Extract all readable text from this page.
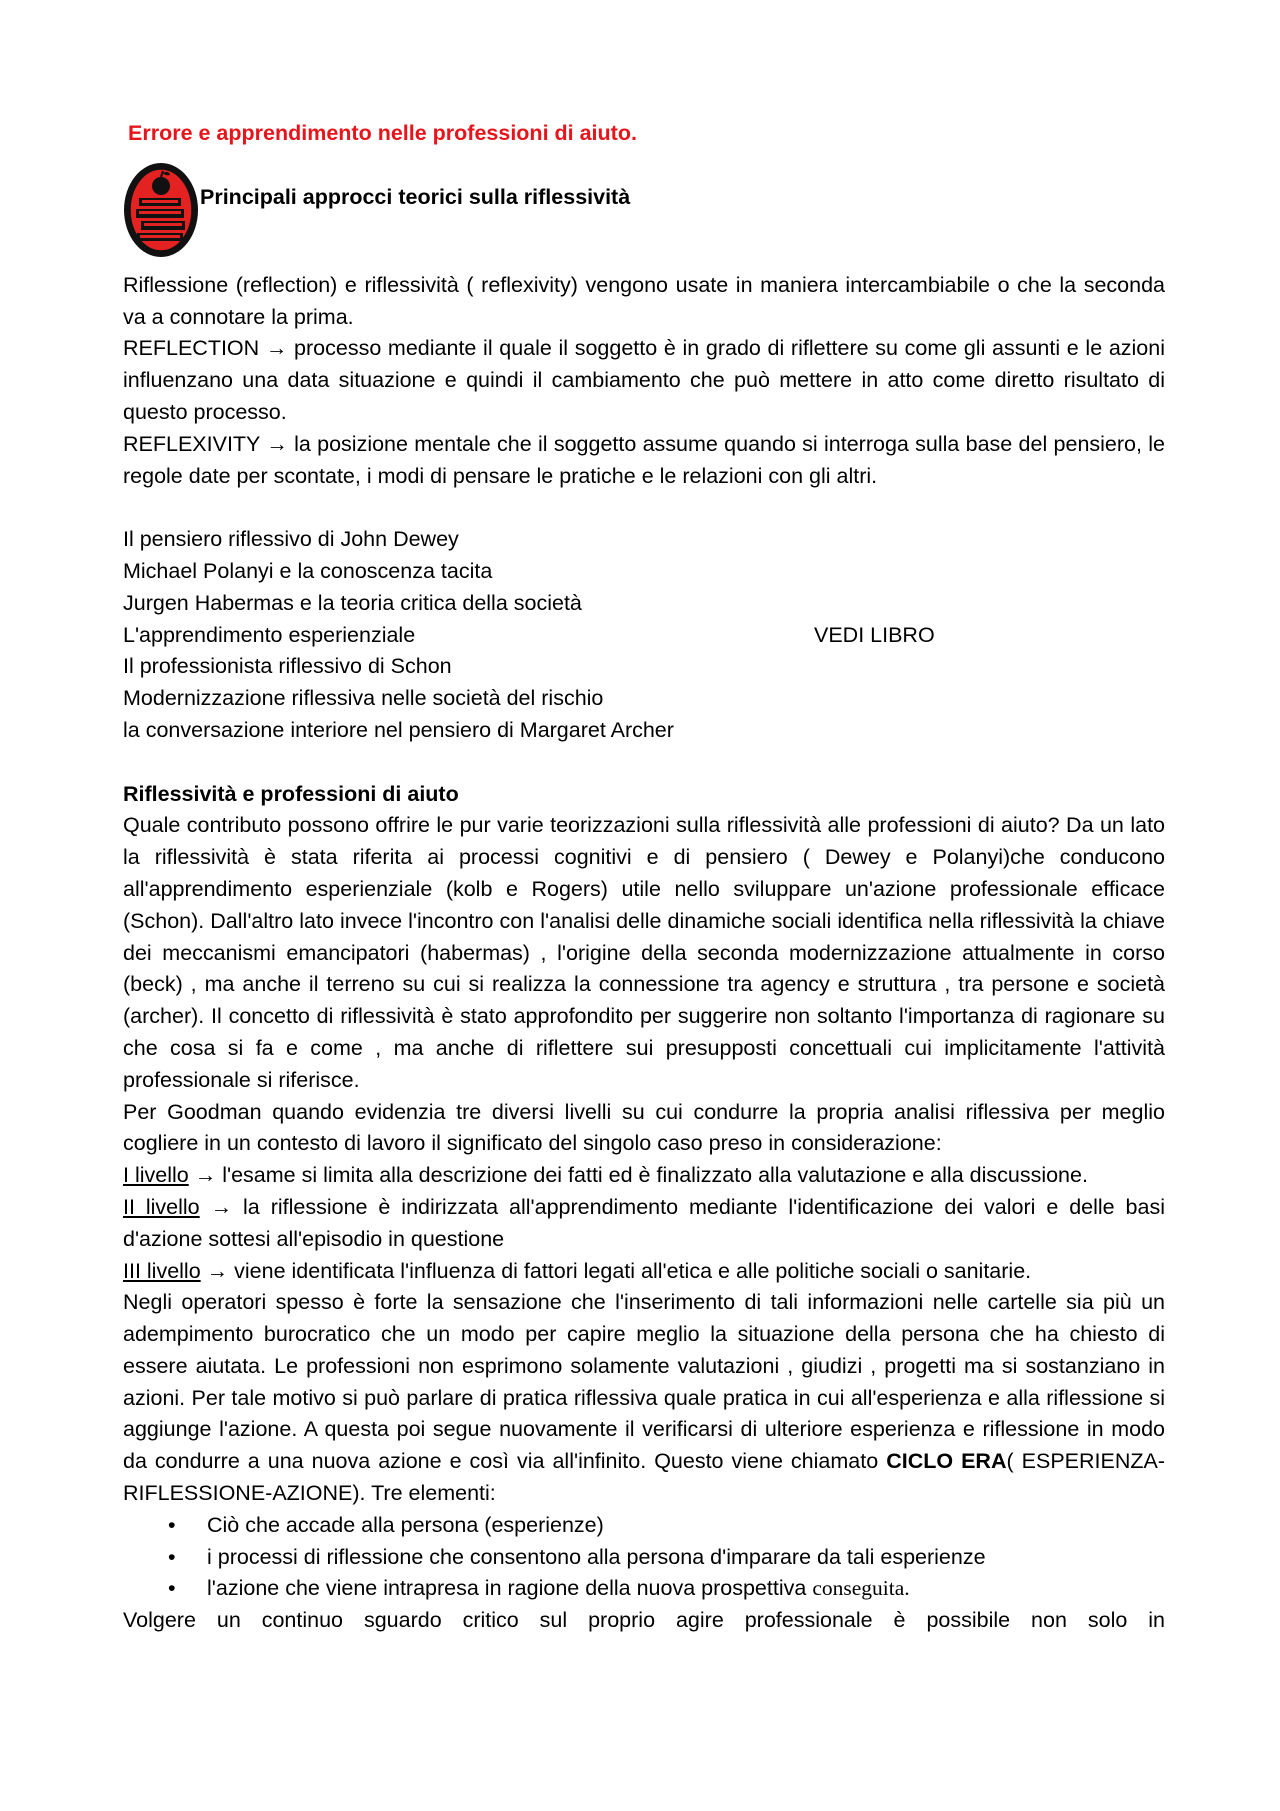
Errore e apprendimento nelle professioni di aiuto.
Principali approcci teorici sulla riflessività

Riflessione (reflection) e riflessività ( reflexivity) vengono usate in maniera intercambiabile o che la seconda va a connotare la prima.

REFLECTION → processo mediante il quale il soggetto è in grado di riflettere su come gli assunti e le azioni influenzano una data situazione e quindi il cambiamento che può mettere in atto come diretto risultato di questo processo.

REFLEXIVITY → la posizione mentale che il soggetto assume quando si interroga sulla base del pensiero, le regole date per scontate, i modi di pensare le pratiche e le relazioni con gli altri.

Il pensiero riflessivo di John Dewey

Michael Polanyi e la conoscenza tacita

Jurgen Habermas e la teoria critica della società

L'apprendimento esperienziale

Il professionista riflessivo di Schon

Modernizzazione riflessiva nelle società del rischio

la conversazione interiore nel pensiero di Margaret Archer

VEDI LIBRO

Riflessività e professioni di aiuto

Quale contributo possono offrire le pur varie teorizzazioni sulla riflessività alle professioni di aiuto? Da un lato la riflessività è stata riferita ai processi cognitivi e di pensiero ( Dewey e Polanyi)che conducono all'apprendimento esperienziale (kolb e Rogers) utile nello sviluppare un'azione professionale efficace (Schon). Dall'altro lato invece l'incontro con l'analisi delle dinamiche sociali identifica nella riflessività la chiave dei meccanismi emancipatori (habermas) , l'origine della seconda modernizzazione attualmente in corso (beck) , ma anche il terreno su cui si realizza la connessione tra agency e struttura , tra persone e società (archer). Il concetto di riflessività è stato approfondito per suggerire non soltanto l'importanza di ragionare su che cosa si fa e come , ma anche di riflettere sui presupposti concettuali cui implicitamente l'attività professionale si riferisce.

Per Goodman quando evidenzia tre diversi livelli su cui condurre la propria analisi riflessiva per meglio cogliere in un contesto di lavoro il significato del singolo caso preso in considerazione:

I livello → l'esame si limita alla descrizione dei fatti ed è finalizzato alla valutazione e alla discussione.

II livello → la riflessione è indirizzata all'apprendimento mediante l'identificazione dei valori e delle basi d'azione sottesi all'episodio in questione

III livello → viene identificata l'influenza di fattori legati all'etica e alle politiche sociali o sanitarie.

Negli operatori spesso è forte la sensazione che l'inserimento di tali informazioni nelle cartelle sia più un adempimento burocratico che un modo per capire meglio la situazione della persona che ha chiesto di essere aiutata. Le professioni non esprimono solamente valutazioni , giudizi , progetti ma si sostanziano in azioni. Per tale motivo si può parlare di pratica riflessiva quale pratica in cui all'esperienza e alla riflessione si aggiunge l'azione. A questa poi segue nuovamente il verificarsi di ulteriore esperienza e riflessione in modo da condurre a una nuova azione e così via all'infinito. Questo viene chiamato CICLO ERA( ESPERIENZA-RIFLESSIONE-AZIONE). Tre elementi:

• Ciò che accade alla persona (esperienze)
• i processi di riflessione che consentono alla persona d'imparare da tali esperienze
• l'azione che viene intrapresa in ragione della nuova prospettiva conseguita.

Volgere un continuo sguardo critico sul proprio agire professionale è possibile non solo in
